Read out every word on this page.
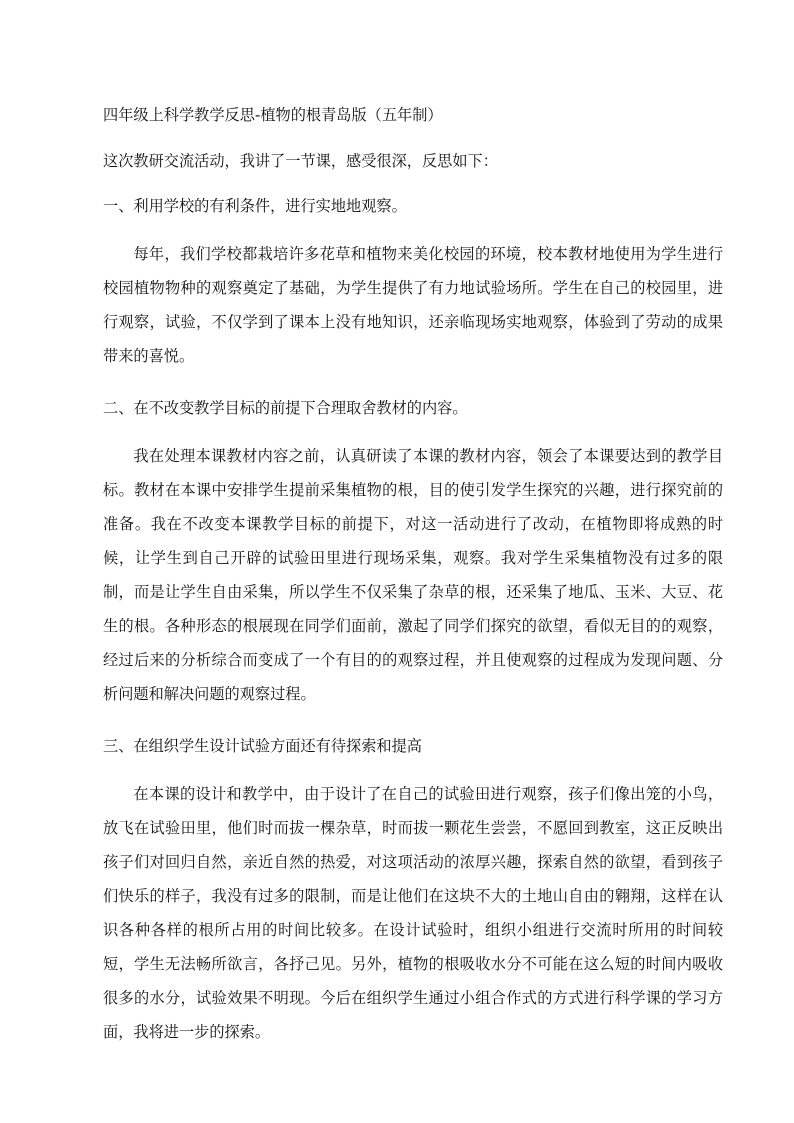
四年级上科学教学反思-植物的根青岛版（五年制）

这次教研交流活动，我讲了一节课，感受很深，反思如下：

一、利用学校的有利条件，进行实地地观察。

每年，我们学校都栽培许多花草和植物来美化校园的环境，校本教材地使用为学生进行校园植物物种的观察奠定了基础，为学生提供了有力地试验场所。学生在自己的校园里，进行观察，试验，不仅学到了课本上没有地知识，还亲临现场实地观察，体验到了劳动的成果带来的喜悦。

二、在不改变教学目标的前提下合理取舍教材的内容。

我在处理本课教材内容之前，认真研读了本课的教材内容，领会了本课要达到的教学目标。教材在本课中安排学生提前采集植物的根，目的使引发学生探究的兴趣，进行探究前的准备。我在不改变本课教学目标的前提下，对这一活动进行了改动，在植物即将成熟的时候，让学生到自己开辟的试验田里进行现场采集，观察。我对学生采集植物没有过多的限制，而是让学生自由采集，所以学生不仅采集了杂草的根，还采集了地瓜、玉米、大豆、花生的根。各种形态的根展现在同学们面前，激起了同学们探究的欲望，看似无目的的观察，经过后来的分析综合而变成了一个有目的的观察过程，并且使观察的过程成为发现问题、分析问题和解决问题的观察过程。

三、在组织学生设计试验方面还有待探索和提高

在本课的设计和教学中，由于设计了在自己的试验田进行观察，孩子们像出笼的小鸟，放飞在试验田里，他们时而拔一棵杂草，时而拔一颗花生尝尝，不愿回到教室，这正反映出孩子们对回归自然，亲近自然的热爱，对这项活动的浓厚兴趣，探索自然的欲望，看到孩子们快乐的样子，我没有过多的限制，而是让他们在这块不大的土地山自由的翱翔，这样在认识各种各样的根所占用的时间比较多。在设计试验时，组织小组进行交流时所用的时间较短，学生无法畅所欲言，各抒己见。另外，植物的根吸收水分不可能在这么短的时间内吸收很多的水分，试验效果不明现。今后在组织学生通过小组合作式的方式进行科学课的学习方面，我将进一步的探索。
